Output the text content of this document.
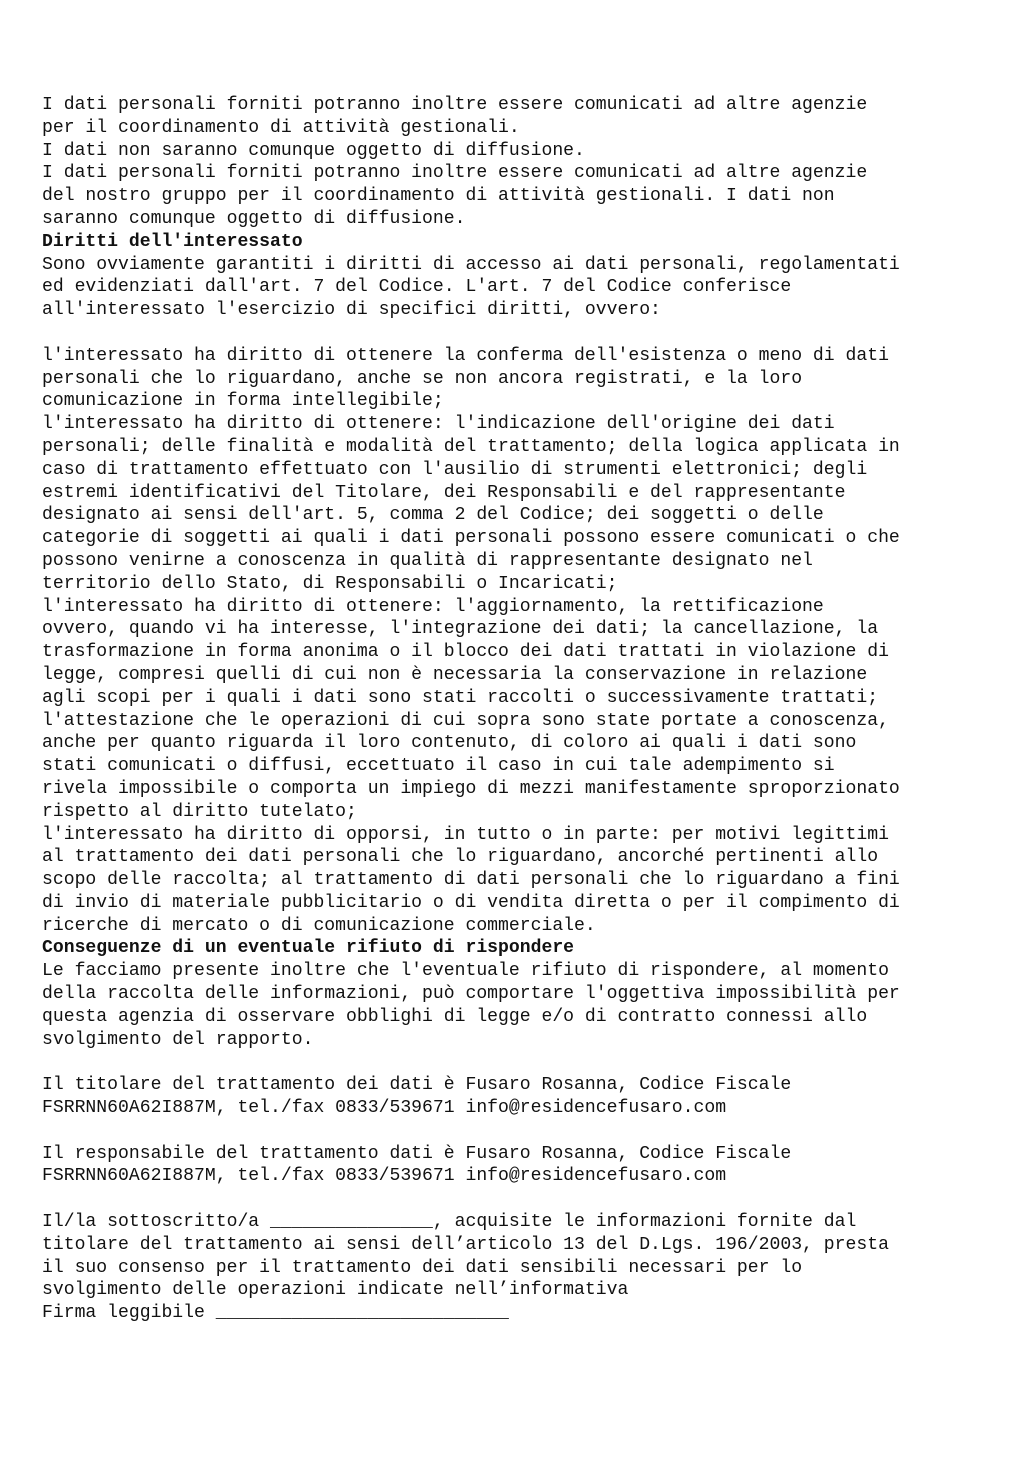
I dati personali forniti potranno inoltre essere comunicati ad altre agenzie

per il coordinamento di attività gestionali.

I dati non saranno comunque oggetto di diffusione.

I dati personali forniti potranno inoltre essere comunicati ad altre agenzie

del nostro gruppo per il coordinamento di attività gestionali. I dati non

saranno comunque oggetto di diffusione.

Diritti dell'interessato

Sono ovviamente garantiti i diritti di accesso ai dati personali, regolamentati

ed evidenziati dall'art. 7 del Codice. L'art. 7 del Codice conferisce

all'interessato l'esercizio di specifici diritti, ovvero:

l'interessato ha diritto di ottenere la conferma dell'esistenza o meno di dati

personali che lo riguardano, anche se non ancora registrati, e la loro

comunicazione in forma intellegibile;

l'interessato ha diritto di ottenere: l'indicazione dell'origine dei dati

personali; delle finalità e modalità del trattamento; della logica applicata in

caso di trattamento effettuato con l'ausilio di strumenti elettronici; degli

estremi identificativi del Titolare, dei Responsabili e del rappresentante

designato ai sensi dell'art. 5, comma 2 del Codice; dei soggetti o delle

categorie di soggetti ai quali i dati personali possono essere comunicati o che

possono venirne a conoscenza in qualità di rappresentante designato nel

territorio dello Stato, di Responsabili o Incaricati;

l'interessato ha diritto di ottenere: l'aggiornamento, la rettificazione

ovvero, quando vi ha interesse, l'integrazione dei dati; la cancellazione, la

trasformazione in forma anonima o il blocco dei dati trattati in violazione di

legge, compresi quelli di cui non è necessaria la conservazione in relazione

agli scopi per i quali i dati sono stati raccolti o successivamente trattati;

l'attestazione che le operazioni di cui sopra sono state portate a conoscenza,

anche per quanto riguarda il loro contenuto, di coloro ai quali i dati sono

stati comunicati o diffusi, eccettuato il caso in cui tale adempimento si

rivela impossibile o comporta un impiego di mezzi manifestamente sproporzionato

rispetto al diritto tutelato;

l'interessato ha diritto di opporsi, in tutto o in parte: per motivi legittimi

al trattamento dei dati personali che lo riguardano, ancorché pertinenti allo

scopo delle raccolta; al trattamento di dati personali che lo riguardano a fini

di invio di materiale pubblicitario o di vendita diretta o per il compimento di

ricerche di mercato o di comunicazione commerciale.

Conseguenze di un eventuale rifiuto di rispondere

Le facciamo presente inoltre che l'eventuale rifiuto di rispondere, al momento

della raccolta delle informazioni, può comportare l'oggettiva impossibilità per

questa agenzia di osservare obblighi di legge e/o di contratto connessi allo

svolgimento del rapporto.

Il titolare del trattamento dei dati è Fusaro Rosanna, Codice Fiscale

FSRRNN60A62I887M, tel./fax 0833/539671 info@residencefusaro.com

Il responsabile del trattamento dati è Fusaro Rosanna, Codice Fiscale

FSRRNN60A62I887M, tel./fax 0833/539671 info@residencefusaro.com

Il/la sottoscritto/a _______________, acquisite le informazioni fornite dal

titolare del trattamento ai sensi dell’articolo 13 del D.Lgs. 196/2003, presta

il suo consenso per il trattamento dei dati sensibili necessari per lo

svolgimento delle operazioni indicate nell’informativa

Firma leggibile ___________________________
